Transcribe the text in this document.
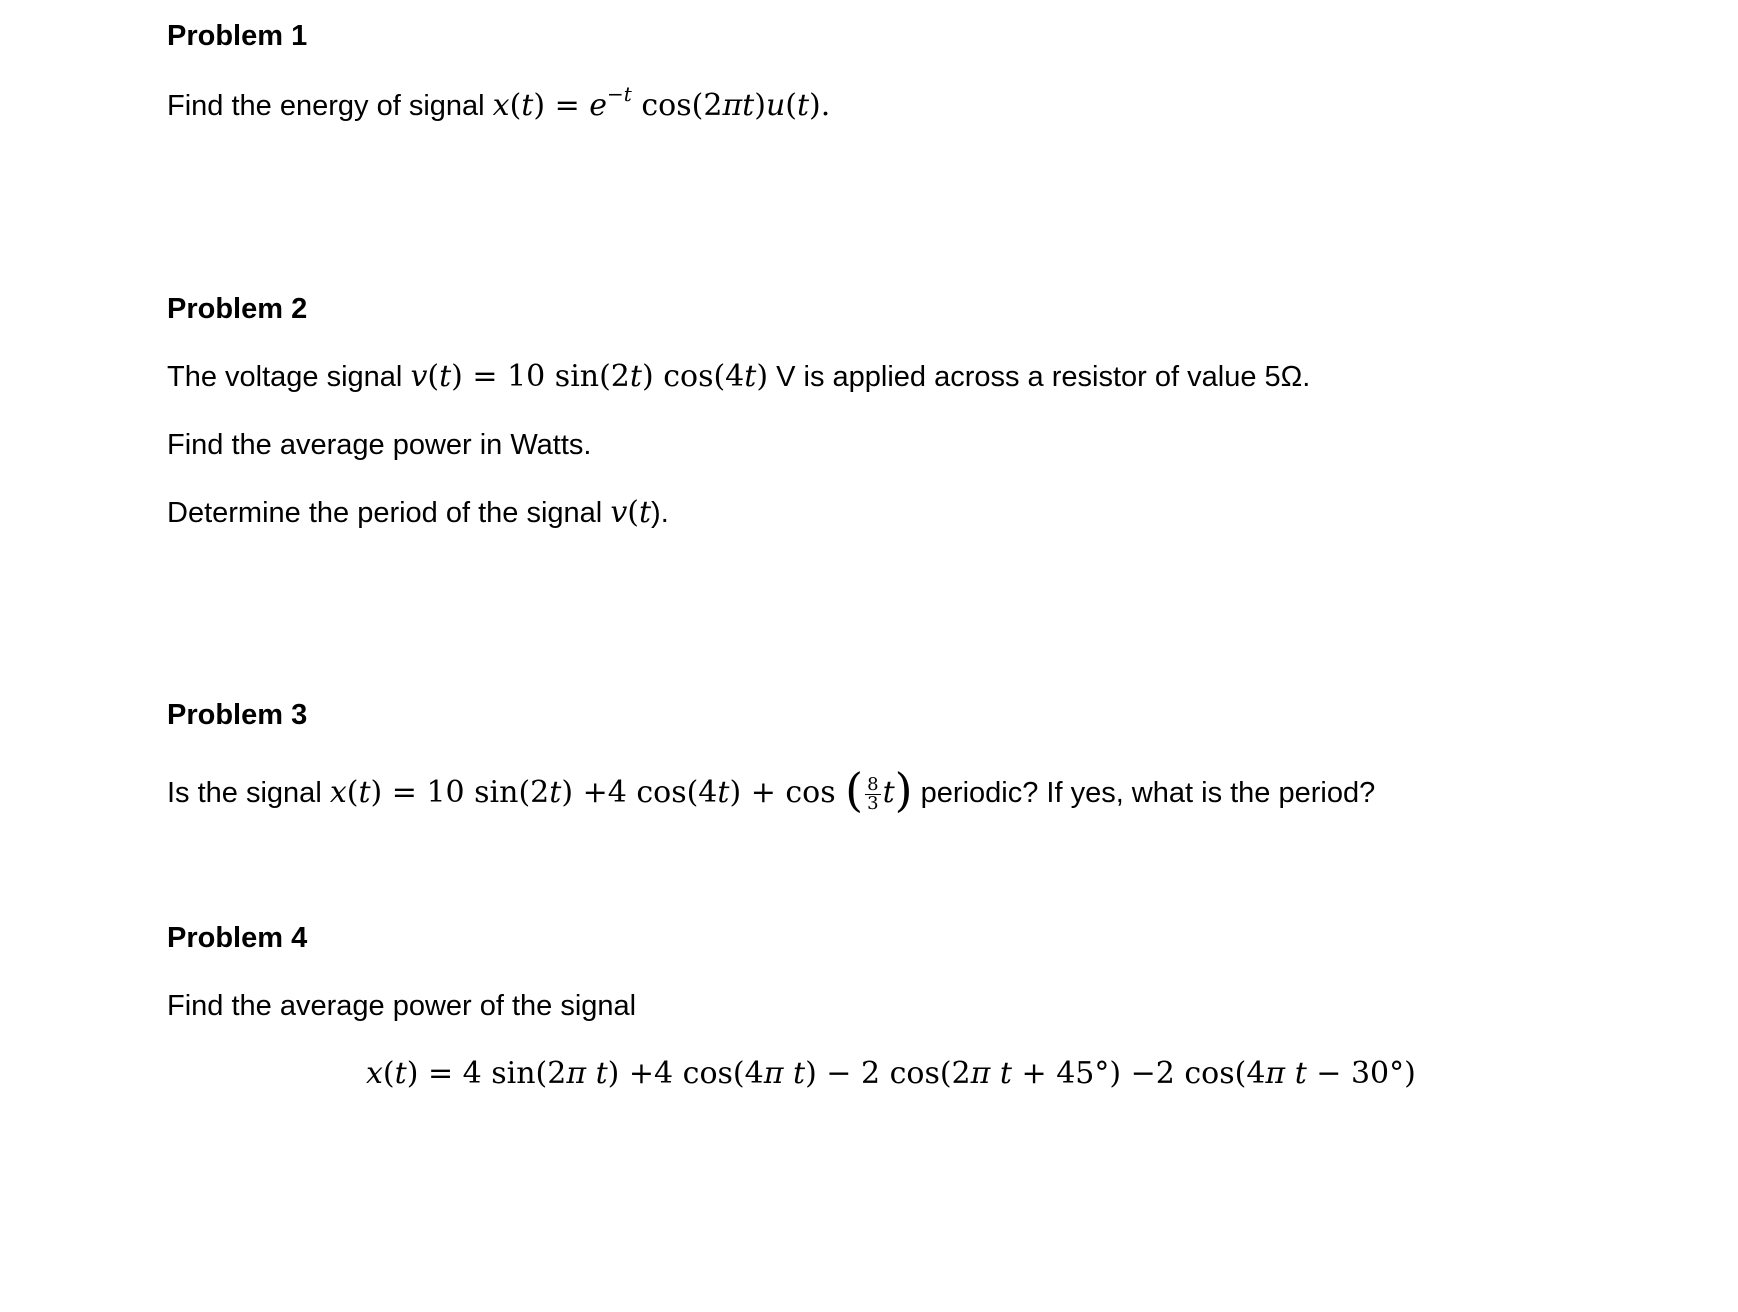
Problem 1
Find the energy of signal $x(t) = e^{-t}$ cos(2πt)u(t).
Problem 2
The voltage signal v(t) = 10 sin(2t) cos(4t) V is applied across a resistor of value 5Ω.
Find the average power in Watts.
Determine the period of the signal v(t).
Problem 3
Is the signal x(t) = 10 sin(2t) +4 cos(4t) + cos ( $\frac{8}{3} t$) periodic? If yes, what is the period?
Problem 4
Find the average power of the signal
x(t) = 4 sin(2π t) +4 cos(4π t) − 2 cos(2π t + 45°) −2 cos(4π t − 30°)
